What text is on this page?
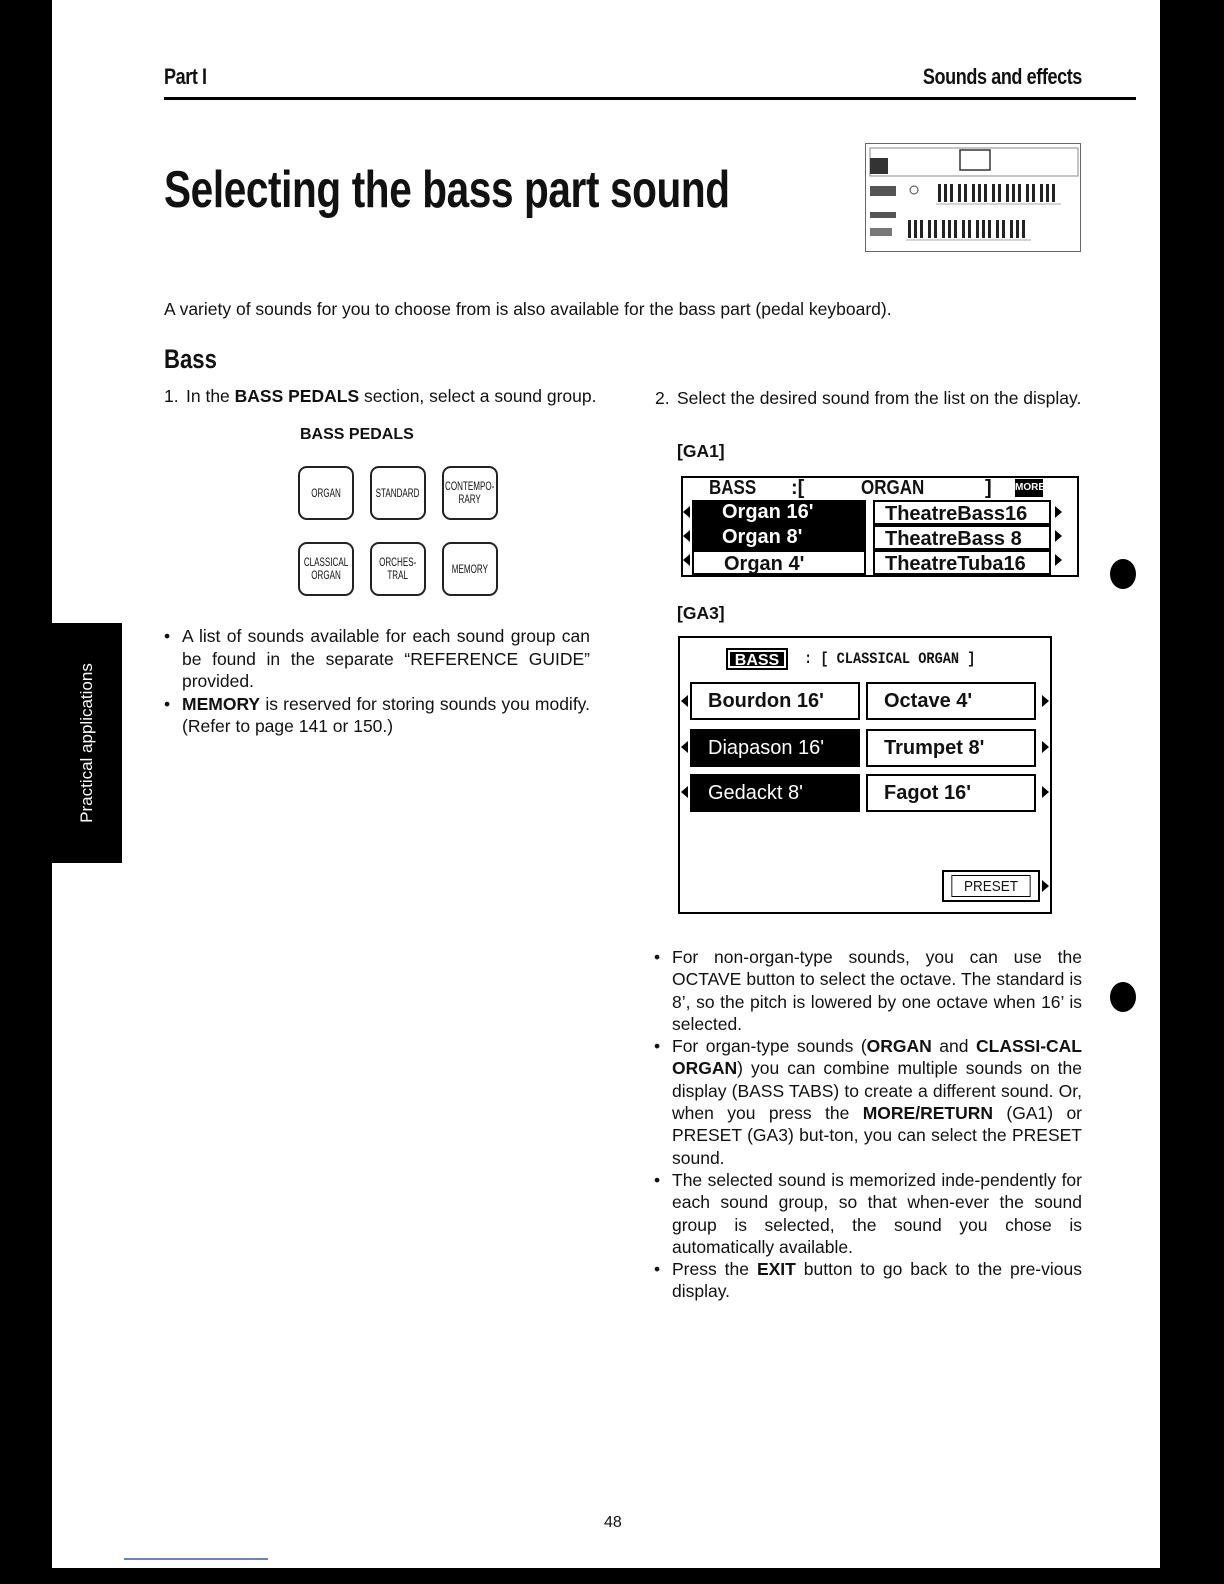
Part I	Sounds and effects
Selecting the bass part sound
A variety of sounds for you to choose from is also available for the bass part (pedal keyboard).
Bass
1. In the BASS PEDALS section, select a sound group.
BASS PEDALS
ORGAN	STANDARD CONTEMPO-
RARY
CLASSICAL
ORGAN
ORCHES-
TRAL	MEMORY
• A list of sounds available for each sound group can be found in the separate “REFERENCE GUIDE” provided.
• MEMORY is reserved for storing sounds you modify. (Refer to page 141 or 150.)
2. Select the desired sound from the list on the display.
[GA1]
BASS :[	ORGAN	] MORE
Organ 16'	TheatreBass16
Organ 8'	TheatreBass 8
Organ 4'	TheatreTuba16
[GA3]
BASS	: [ CLASSICAL ORGAN ]
Bourdon 16'	Octave 4'
Diapason 16'	Trumpet 8'
Gedackt 8'	Fagot 16'
PRESET
• For non-organ-type sounds, you can use the OCTAVE button to select the octave. The standard is 8’, so the pitch is lowered by one octave when 16’ is selected.
• For organ-type sounds (ORGAN and CLASSI-CAL ORGAN) you can combine multiple sounds on the display (BASS TABS) to create a different sound. Or, when you press the MORE/RETURN (GA1) or PRESET (GA3) but-ton, you can select the PRESET sound.
• The selected sound is memorized inde-pendently for each sound group, so that when-ever the sound group is selected, the sound you chose is automatically available.
• Press the EXIT button to go back to the pre-vious display.
48
Practical applications
